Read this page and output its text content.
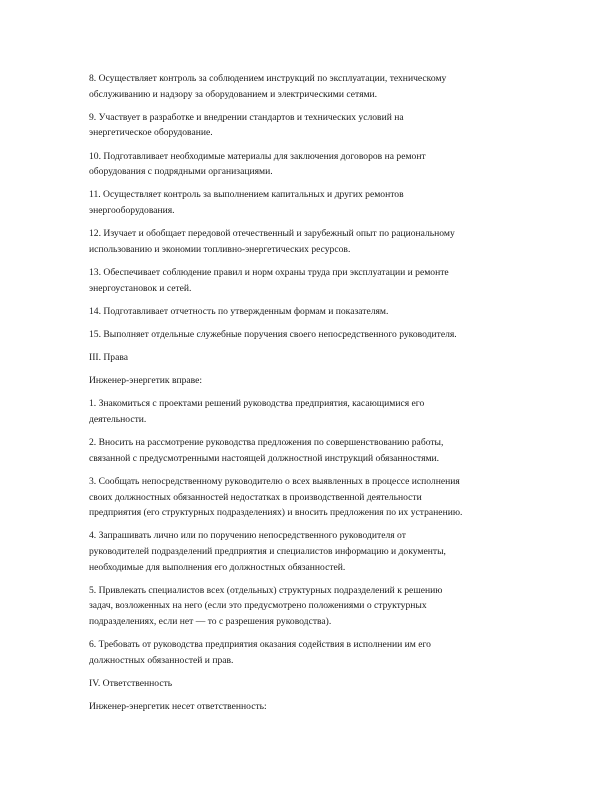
8. Осуществляет контроль за соблюдением инструкций по эксплуатации, техническому
обслуживанию и надзору за оборудованием и электрическими сетями.

9. Участвует в разработке и внедрении стандартов и технических условий на
энергетическое оборудование.

10. Подготавливает необходимые материалы для заключения договоров на ремонт
оборудования с подрядными организациями.

11. Осуществляет контроль за выполнением капитальных и других ремонтов
энергооборудования.

12. Изучает и обобщает передовой отечественный и зарубежный опыт по рациональному
использованию и экономии топливно-энергетических ресурсов.

13. Обеспечивает соблюдение правил и норм охраны труда при эксплуатации и ремонте
энергоустановок и сетей.

14. Подготавливает отчетность по утвержденным формам и показателям.

15. Выполняет отдельные служебные поручения своего непосредственного руководителя.

III. Права

Инженер-энергетик вправе:

1. Знакомиться с проектами решений руководства предприятия, касающимися его
деятельности.

2. Вносить на рассмотрение руководства предложения по совершенствованию работы,
связанной с предусмотренными настоящей должностной инструкций обязанностями.

3. Сообщать непосредственному руководителю о всех выявленных в процессе исполнения
своих должностных обязанностей недостатках в производственной деятельности
предприятия (его структурных подразделениях) и вносить предложения по их устранению.

4. Запрашивать лично или по поручению непосредственного руководителя от
руководителей подразделений предприятия и специалистов информацию и документы,
необходимые для выполнения его должностных обязанностей.

5. Привлекать специалистов всех (отдельных) структурных подразделений к решению
задач, возложенных на него (если это предусмотрено положениями о структурных
подразделениях, если нет — то с разрешения руководства).

6. Требовать от руководства предприятия оказания содействия в исполнении им его
должностных обязанностей и прав.

IV. Ответственность

Инженер-энергетик несет ответственность:
